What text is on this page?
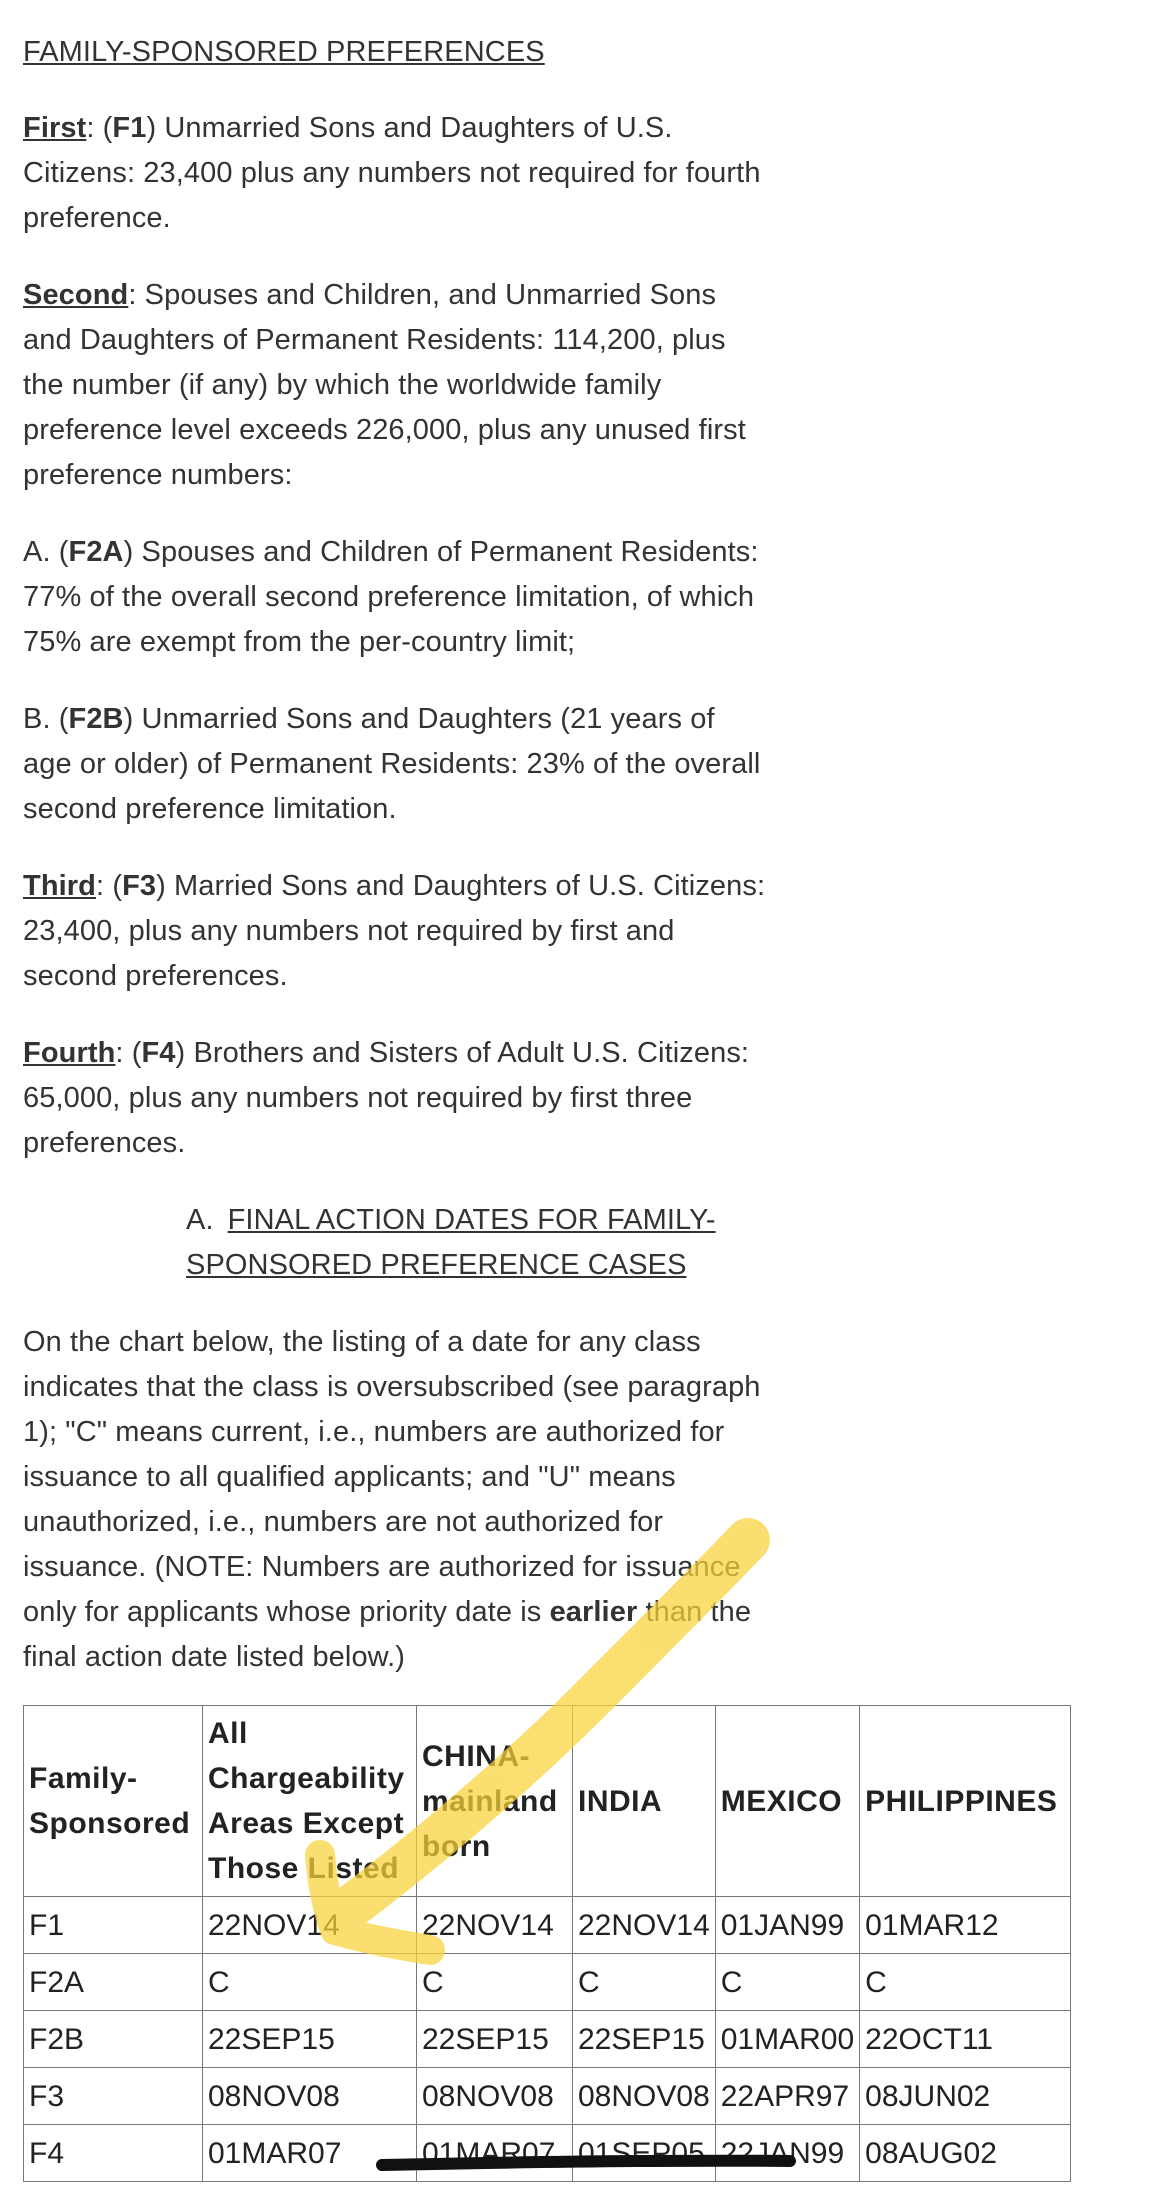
FAMILY-SPONSORED PREFERENCES

First: (F1) Unmarried Sons and Daughters of U.S. Citizens: 23,400 plus any numbers not required for fourth preference.

Second: Spouses and Children, and Unmarried Sons and Daughters of Permanent Residents: 114,200, plus the number (if any) by which the worldwide family preference level exceeds 226,000, plus any unused first preference numbers:

A. (F2A) Spouses and Children of Permanent Residents: 77% of the overall second preference limitation, of which 75% are exempt from the per-country limit;

B. (F2B) Unmarried Sons and Daughters (21 years of age or older) of Permanent Residents: 23% of the overall second preference limitation.

Third: (F3) Married Sons and Daughters of U.S. Citizens: 23,400, plus any numbers not required by first and second preferences.

Fourth: (F4) Brothers and Sisters of Adult U.S. Citizens: 65,000, plus any numbers not required by first three preferences.

A. FINAL ACTION DATES FOR FAMILY-SPONSORED PREFERENCE CASES

On the chart below, the listing of a date for any class indicates that the class is oversubscribed (see paragraph 1); "C" means current, i.e., numbers are authorized for issuance to all qualified applicants; and "U" means unauthorized, i.e., numbers are not authorized for issuance. (NOTE: Numbers are authorized for issuance only for applicants whose priority date is earlier than the final action date listed below.)

Family-Sponsored	All Chargeability Areas Except Those Listed	CHINA-mainland born	INDIA	MEXICO	PHILIPPINES
F1	22NOV14	22NOV14	22NOV14	01JAN99	01MAR12
F2A	C	C	C	C	C
F2B	22SEP15	22SEP15	22SEP15	01MAR00	22OCT11
F3	08NOV08	08NOV08	08NOV08	22APR97	08JUN02
F4	01MAR07	01MAR07	01SEP05	22JAN99	08AUG02
